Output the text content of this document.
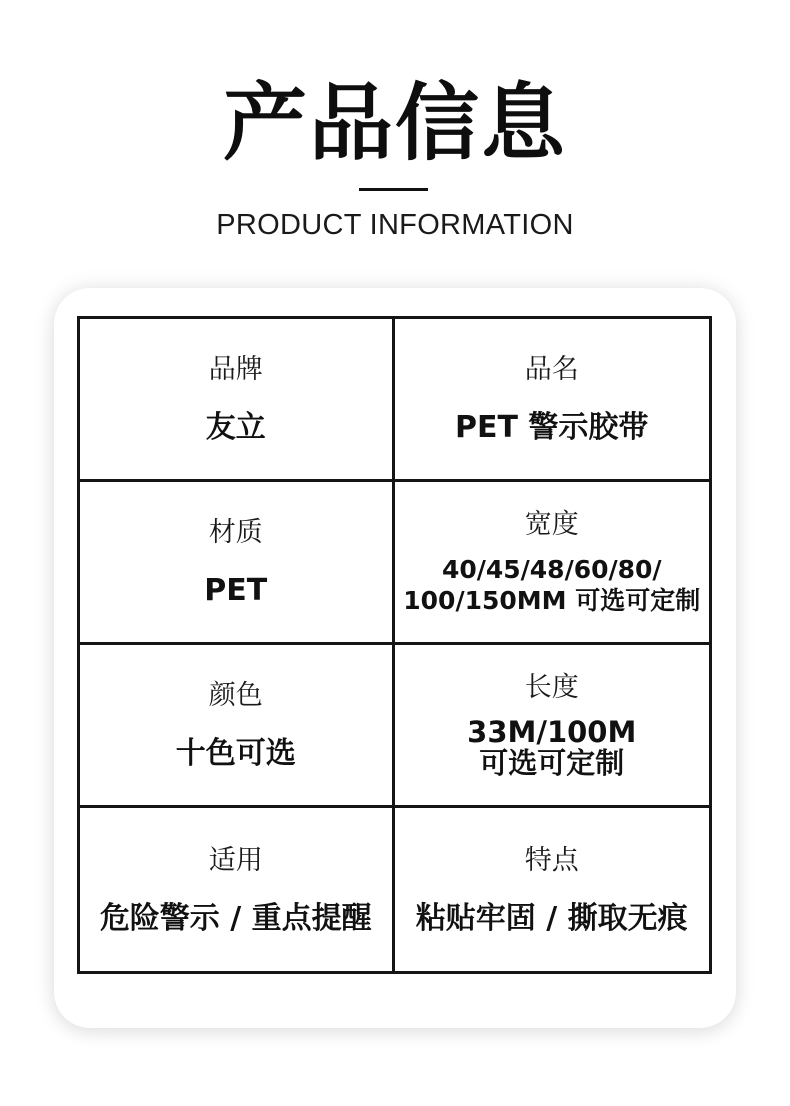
产品信息
PRODUCT INFORMATION
品牌
友立
品名
PET 警示胶带
材质
PET
宽度
40/45/48/60/80/
100/150MM 可选可定制
颜色
十色可选
长度
33M/100M
可选可定制
适用
危险警示 / 重点提醒
特点
粘贴牢固 / 撕取无痕
